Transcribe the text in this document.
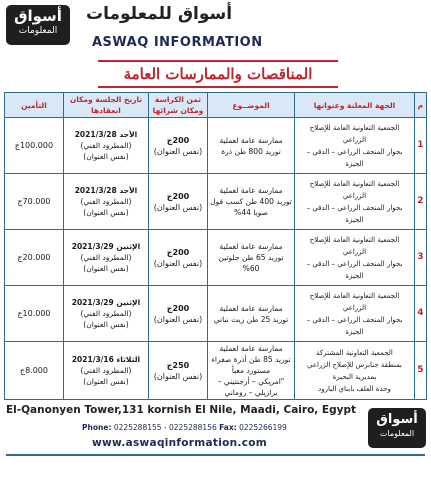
أسواق
المعلومات
أسواق للمعلومات
ASWAQ INFORMATION
المناقصات والممارسات العامة
م	الجهة المعلنة وعنوانها	الموضــوع	ثمن الكراسة ومكان شرائها	تاريخ الجلسة ومكان انعقادها	التأمين
1	الجمعية التعاونية العامة للإصلاح
الزراعي
بجوار المتحف الزراعي – الدقي –
الجيزة	ممارسة عامة لعملية
توريد 800 طن ذرة	200ج
(نفس العنوان)	الأحد 2021/3/28
(المطرود الفني)
(نفس العنوان)	100.000ج
2	الجمعية التعاونية العامة للإصلاح
الزراعي
بجوار المتحف الزراعي – الدقي –
الجيزة	ممارسة عامة لعملية
توريد 400 طن كسب فول
صويا 44%	200ج
(نفس العنوان)	الأحد 2021/3/28
(المطرود الفني)
(نفس العنوان)	70.000ج
3	الجمعية التعاونية العامة للإصلاح
الزراعي
بجوار المتحف الزراعي – الدقي –
الجيزة	ممارسة عامة لعملية
توريد 65 طن جلوتين 60%	200ج
(نفس العنوان)	الإثنين 2021/3/29
(المطرود الفني)
(نفس العنوان)	20.000ج
4	الجمعية التعاونية العامة للإصلاح
الزراعي
بجوار المتحف الزراعي – الدقي –
الجيزة	ممارسة عامة لعملية
توريد 25 طن زيت نباتي	200ج
(نفس العنوان)	الإثنين 2021/3/29
(المطرود الفني)
(نفس العنوان)	10.000ج
5	الجمعية التعاونية المشتركة
بمنطقة جنابرس للإصلاح الزراعي
بمديرية البحيرة
وحدة العلف بابناي البارود	ممارسة عامة لعملية
توريد 85 طن أذرة صفراء
مستورد معبأ
"امريكي – أرجنتيني –
برازيلي – روماني	250ج
(نفس العنوان)	الثلاثاء 2021/3/16
(المطرود الفني)
(نفس العنوان)	8.000ج
El-Qanonyen Tower,131 kornish El Nile, Maadi, Cairo, Egypt
Phone: 0225288155 - 0225288156 Fax: 0225266199
www.aswaqinformation.com
أسواق
المعلومات
